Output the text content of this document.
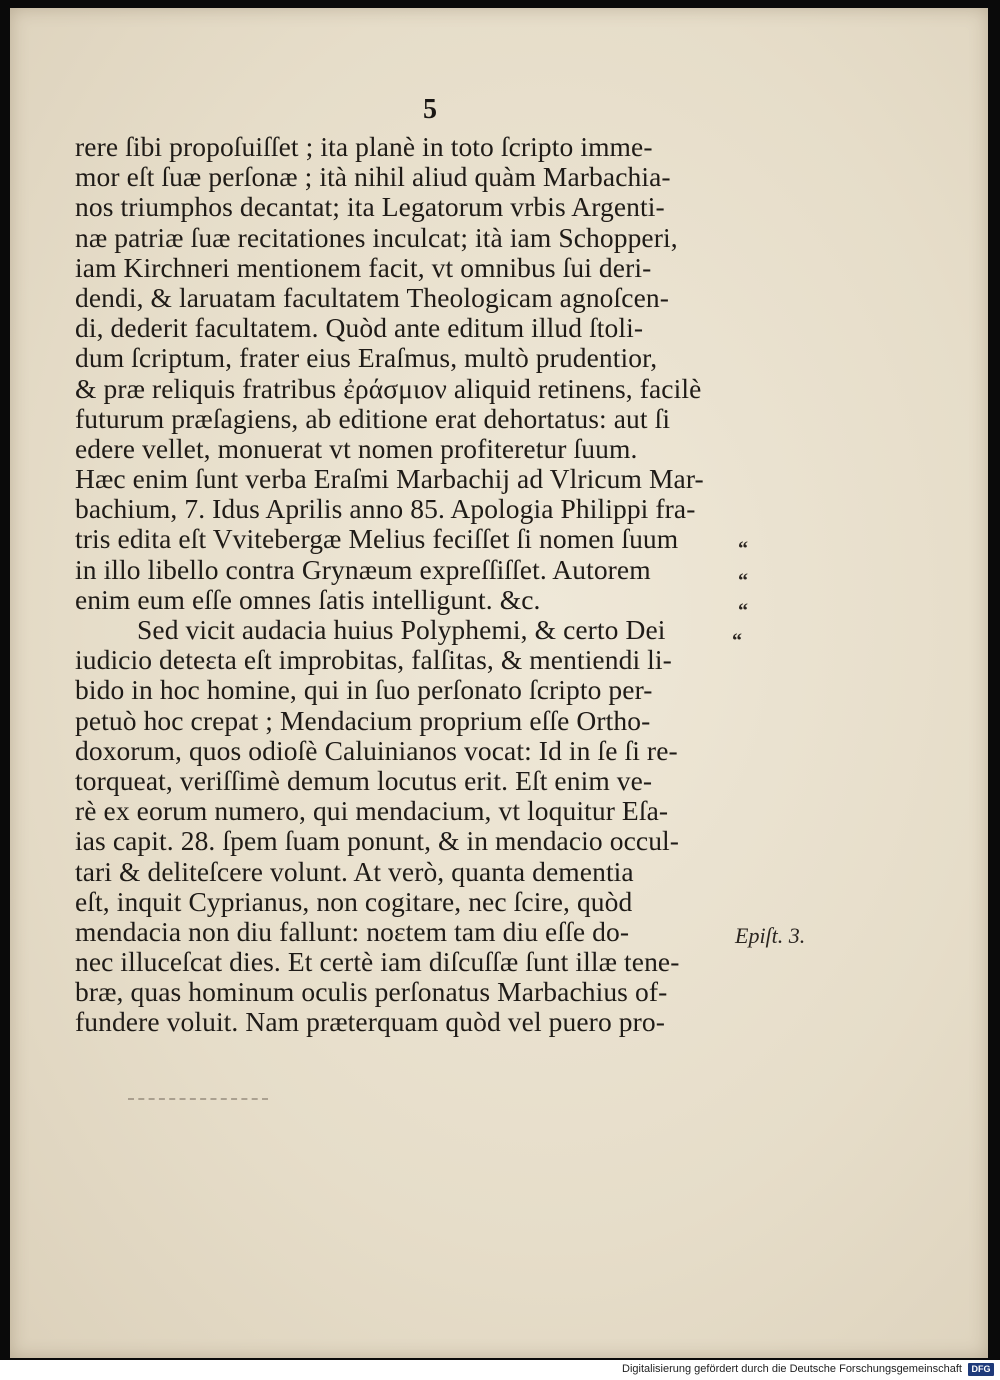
5
rere ſibi propoſuiſſet ; ita planè in toto ſcripto imme-
mor eſt ſuæ perſonæ ; ità nihil aliud quàm Marbachia-
nos triumphos decantat; ita Legatorum vrbis Argenti-
næ patriæ ſuæ recitationes inculcat; ità iam Schopperi,
iam Kirchneri mentionem facit, vt omnibus ſui deri-
dendi, & laruatam facultatem Theologicam agnoſcen-
di, dederit facultatem. Quòd ante editum illud ſtoli-
dum ſcriptum, frater eius Eraſmus, multò prudentior,
& præ reliquis fratribus ἐράσμιον aliquid retinens, facilè
futurum præſagiens, ab editione erat dehortatus: aut ſi
edere vellet, monuerat vt nomen profiteretur ſuum.
Hæc enim ſunt verba Eraſmi Marbachij ad Vlricum Mar-
bachium, 7. Idus Aprilis anno 85. Apologia Philippi fra-
tris edita eſt Vvitebergæ Melius feciſſet ſi nomen ſuum
in illo libello contra Grynæum expreſſiſſet. Autorem
enim eum eſſe omnes ſatis intelligunt. &c.
Sed vicit audacia huius Polyphemi, & certo Dei
iudicio deteɛta eſt improbitas, falſitas, & mentiendi li-
bido in hoc homine, qui in ſuo perſonato ſcripto per-
petuò hoc crepat ; Mendacium proprium eſſe Ortho-
doxorum, quos odioſè Caluinianos vocat: Id in ſe ſi re-
torqueat, veriſſimè demum locutus erit. Eſt enim ve-
rè ex eorum numero, qui mendacium, vt loquitur Eſa-
ias capit. 28. ſpem ſuam ponunt, & in mendacio occul-
tari & deliteſcere volunt. At verò, quanta dementia
eſt, inquit Cyprianus, non cogitare, nec ſcire, quòd
mendacia non diu fallunt: noɛtem tam diu eſſe do-
nec illuceſcat dies. Et certè iam diſcuſſæ ſunt illæ tene-
bræ, quas hominum oculis perſonatus Marbachius of-
fundere voluit. Nam præterquam quòd vel puero pro-
“
“
“
“
Epiſt. 3.
Digitalisierung gefördert durch die Deutsche Forschungsgemeinschaft	DFG
